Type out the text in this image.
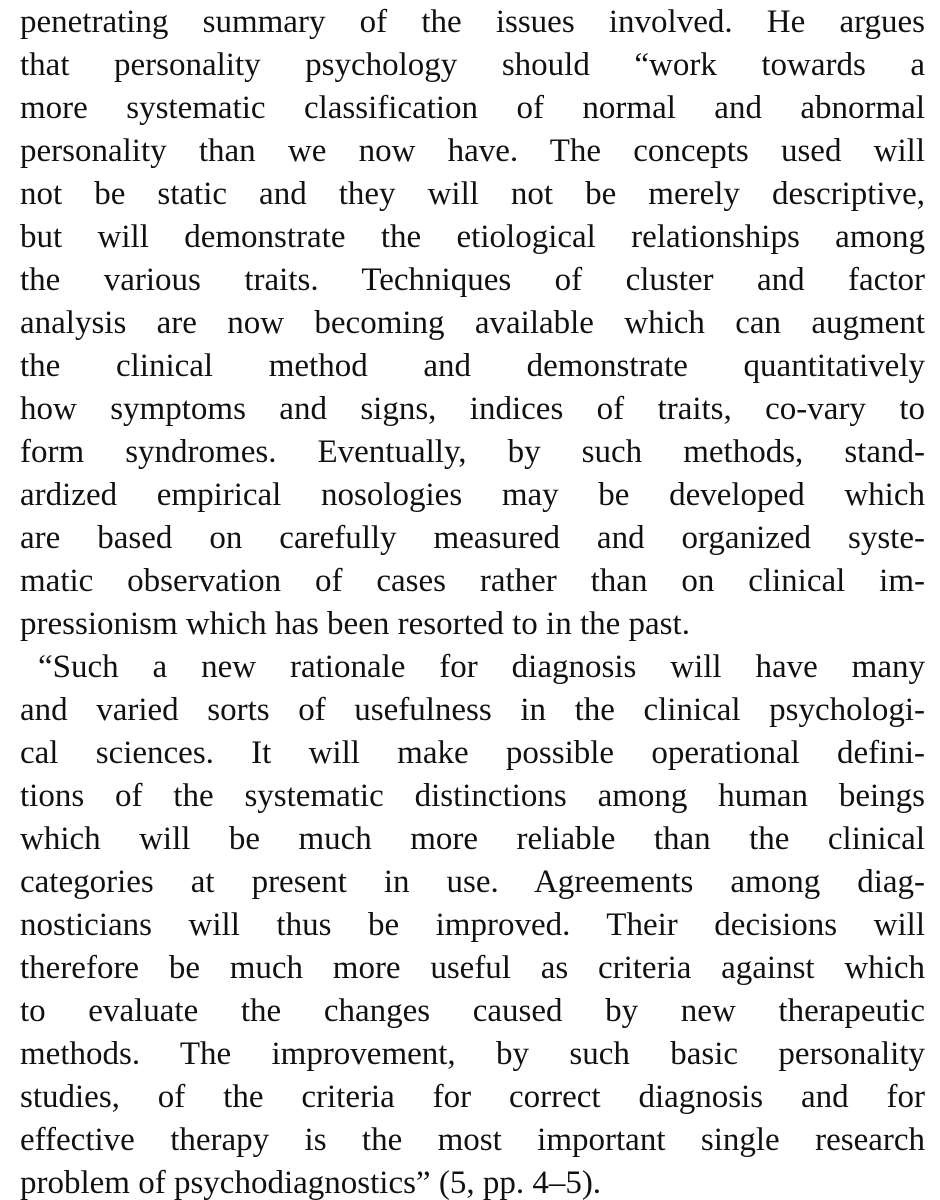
penetrating summary of the issues involved. He argues
that personality psychology should “work towards a
more systematic classification of normal and abnormal
personality than we now have. The concepts used will
not be static and they will not be merely descriptive,
but will demonstrate the etiological relationships among
the various traits. Techniques of cluster and factor
analysis are now becoming available which can augment
the clinical method and demonstrate quantitatively
how symptoms and signs, indices of traits, co-vary to
form syndromes. Eventually, by such methods, stand-
ardized empirical nosologies may be developed which
are based on carefully measured and organized syste-
matic observation of cases rather than on clinical im-
pressionism which has been resorted to in the past.
“Such a new rationale for diagnosis will have many
and varied sorts of usefulness in the clinical psychologi-
cal sciences. It will make possible operational defini-
tions of the systematic distinctions among human beings
which will be much more reliable than the clinical
categories at present in use. Agreements among diag-
nosticians will thus be improved. Their decisions will
therefore be much more useful as criteria against which
to evaluate the changes caused by new therapeutic
methods. The improvement, by such basic personality
studies, of the criteria for correct diagnosis and for
effective therapy is the most important single research
problem of psychodiagnostics” (5, pp. 4–5).
